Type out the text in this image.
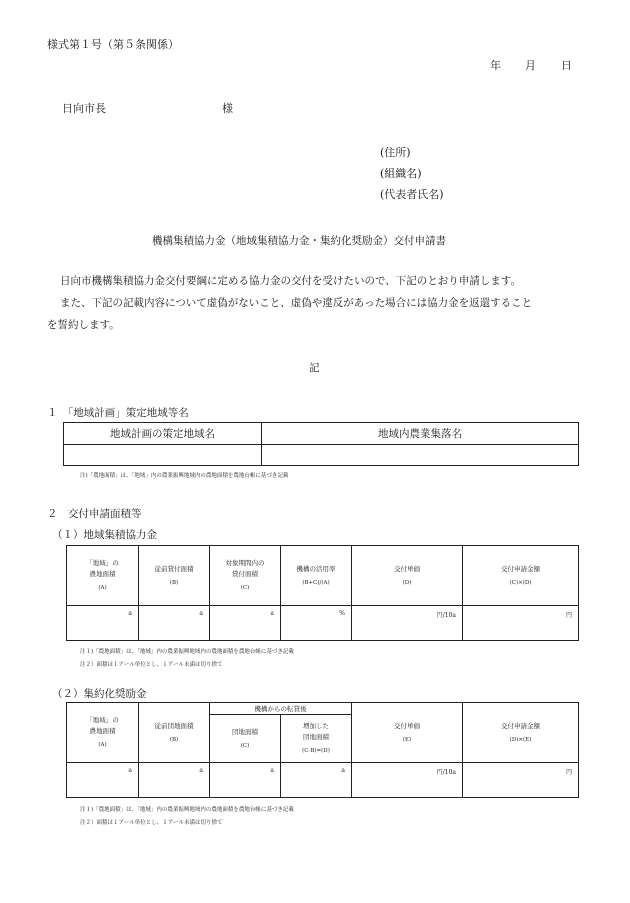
様式第１号（第５条関係）
年 月 日
日向市長	様
(住所)
(組織名)
(代表者氏名)
機構集積協力金（地域集積協力金・集約化奨励金）交付申請書
日向市機構集積協力金交付要綱に定める協力金の交付を受けたいので、下記のとおり申請します。
また、下記の記載内容について虚偽がないこと、虚偽や違反があった場合には協力金を返還すること
を誓約します。
記
１　「地域計画」策定地域等名
地域計画の策定地域名	地域内農業集落名

注)「農地面積」は、「地域」内の農業振興地域内の農地面積を農地台帳に基づき記載
２　交付申請面積等
（１）地域集積協力金
「地域」の
農地面積
(A)	従前貸付面積
(B)	対象期間内の
貸付面積
(C)	機構の活用率
(B+C)/(A)	交付単価
(D)	交付申請金額
(C)×(D)

a	a	a	%	円/10a	円
注１)「農地面積」は、「地域」内の農業振興地域内の農地面積を農地台帳に基づき記載
注２）面積は１アール単位とし、１アール未満は切り捨て
（２）集約化奨励金
「地域」の
農地面積
(A)	従前団地面積
(B)	機構からの転貸後		交付単価
(E)	交付申請金額
(D)×(E)

		団地面積
(C)	増加した
団地面積
(C-B)=(D)		

a	a	a	a	円/10a	円
注１)「農地面積」は、「地域」内の農業振興地域内の農地面積を農地台帳に基づき記載
注２）面積は１アール単位とし、１アール未満は切り捨て
